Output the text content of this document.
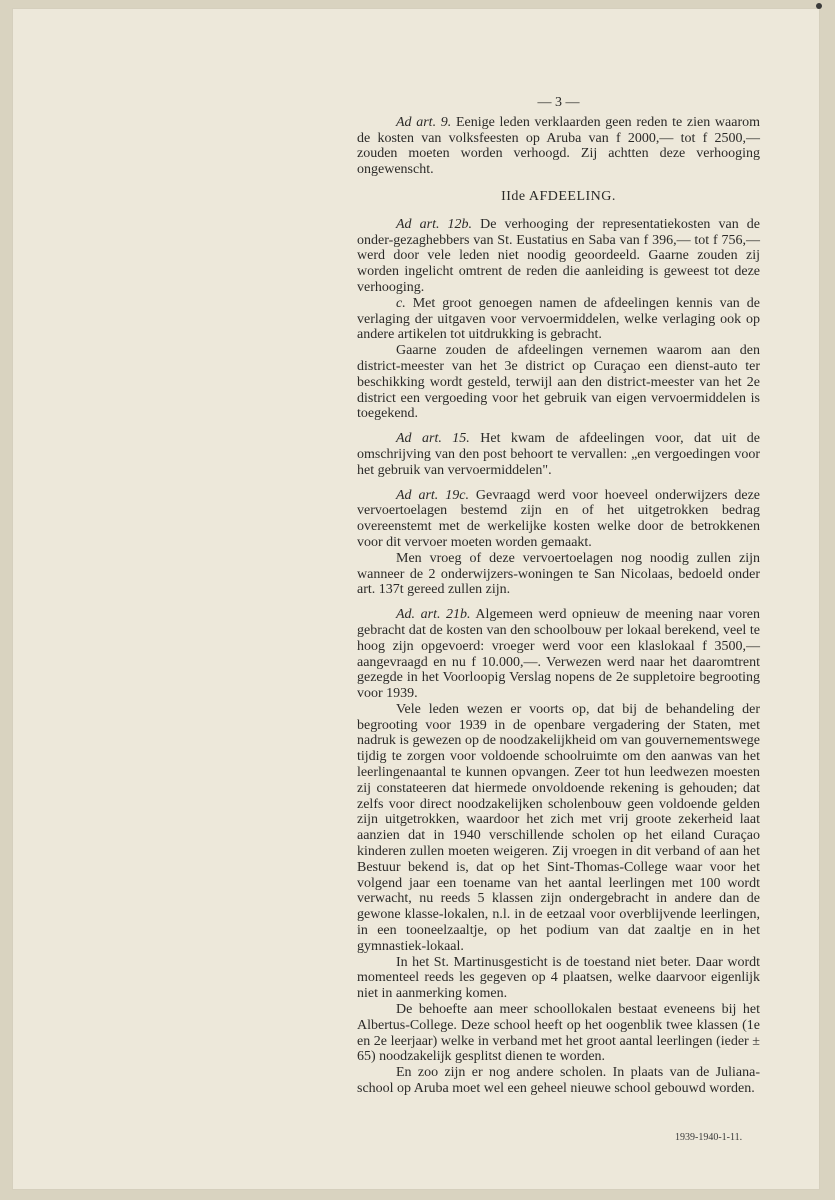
— 3 —

Ad art. 9. Eenige leden verklaarden geen reden te zien waarom de kosten van volksfeesten op Aruba van f 2000,— tot f 2500,— zouden moeten worden verhoogd. Zij achtten deze verhooging ongewenscht.

IIde AFDEELING.

Ad art. 12b. De verhooging der representatiekosten van de onder-gezaghebbers van St. Eustatius en Saba van f 396,— tot f 756,— werd door vele leden niet noodig geoordeeld. Gaarne zouden zij worden ingelicht omtrent de reden die aanleiding is geweest tot deze verhooging.

c. Met groot genoegen namen de afdeelingen kennis van de verlaging der uitgaven voor vervoermiddelen, welke verlaging ook op andere artikelen tot uitdrukking is gebracht.

Gaarne zouden de afdeelingen vernemen waarom aan den district-meester van het 3e district op Curaçao een dienst-auto ter beschikking wordt gesteld, terwijl aan den district-meester van het 2e district een vergoeding voor het gebruik van eigen vervoermiddelen is toegekend.

Ad art. 15. Het kwam de afdeelingen voor, dat uit de omschrijving van den post behoort te vervallen: „en vergoedingen voor het gebruik van vervoermiddelen".

Ad art. 19c. Gevraagd werd voor hoeveel onderwijzers deze vervoertoelagen bestemd zijn en of het uitgetrokken bedrag overeenstemt met de werkelijke kosten welke door de betrokkenen voor dit vervoer moeten worden gemaakt.

Men vroeg of deze vervoertoelagen nog noodig zullen zijn wanneer de 2 onderwijzers-woningen te San Nicolaas, bedoeld onder art. 137t gereed zullen zijn.

Ad. art. 21b. Algemeen werd opnieuw de meening naar voren gebracht dat de kosten van den schoolbouw per lokaal berekend, veel te hoog zijn opgevoerd: vroeger werd voor een klaslokaal f 3500,— aangevraagd en nu f 10.000,—. Verwezen werd naar het daaromtrent gezegde in het Voorloopig Verslag nopens de 2e suppletoire begrooting voor 1939.

Vele leden wezen er voorts op, dat bij de behandeling der begrooting voor 1939 in de openbare vergadering der Staten, met nadruk is gewezen op de noodzakelijkheid om van gouvernementswege tijdig te zorgen voor voldoende schoolruimte om den aanwas van het leerlingenaantal te kunnen opvangen. Zeer tot hun leedwezen moesten zij constateeren dat hiermede onvoldoende rekening is gehouden; dat zelfs voor direct noodzakelijken scholenbouw geen voldoende gelden zijn uitgetrokken, waardoor het zich met vrij groote zekerheid laat aanzien dat in 1940 verschillende scholen op het eiland Curaçao kinderen zullen moeten weigeren. Zij vroegen in dit verband of aan het Bestuur bekend is, dat op het Sint-Thomas-College waar voor het volgend jaar een toename van het aantal leerlingen met 100 wordt verwacht, nu reeds 5 klassen zijn ondergebracht in andere dan de gewone klasse-lokalen, n.l. in de eetzaal voor overblijvende leerlingen, in een tooneelzaaltje, op het podium van dat zaaltje en in het gymnastiek-lokaal.

In het St. Martinusgesticht is de toestand niet beter. Daar wordt momenteel reeds les gegeven op 4 plaatsen, welke daarvoor eigenlijk niet in aanmerking komen.

De behoefte aan meer schoollokalen bestaat eveneens bij het Albertus-College. Deze school heeft op het oogenblik twee klassen (1e en 2e leerjaar) welke in verband met het groot aantal leerlingen (ieder ± 65) noodzakelijk gesplitst dienen te worden.

En zoo zijn er nog andere scholen. In plaats van de Juliana-school op Aruba moet wel een geheel nieuwe school gebouwd worden.

1939-1940-1-11.
